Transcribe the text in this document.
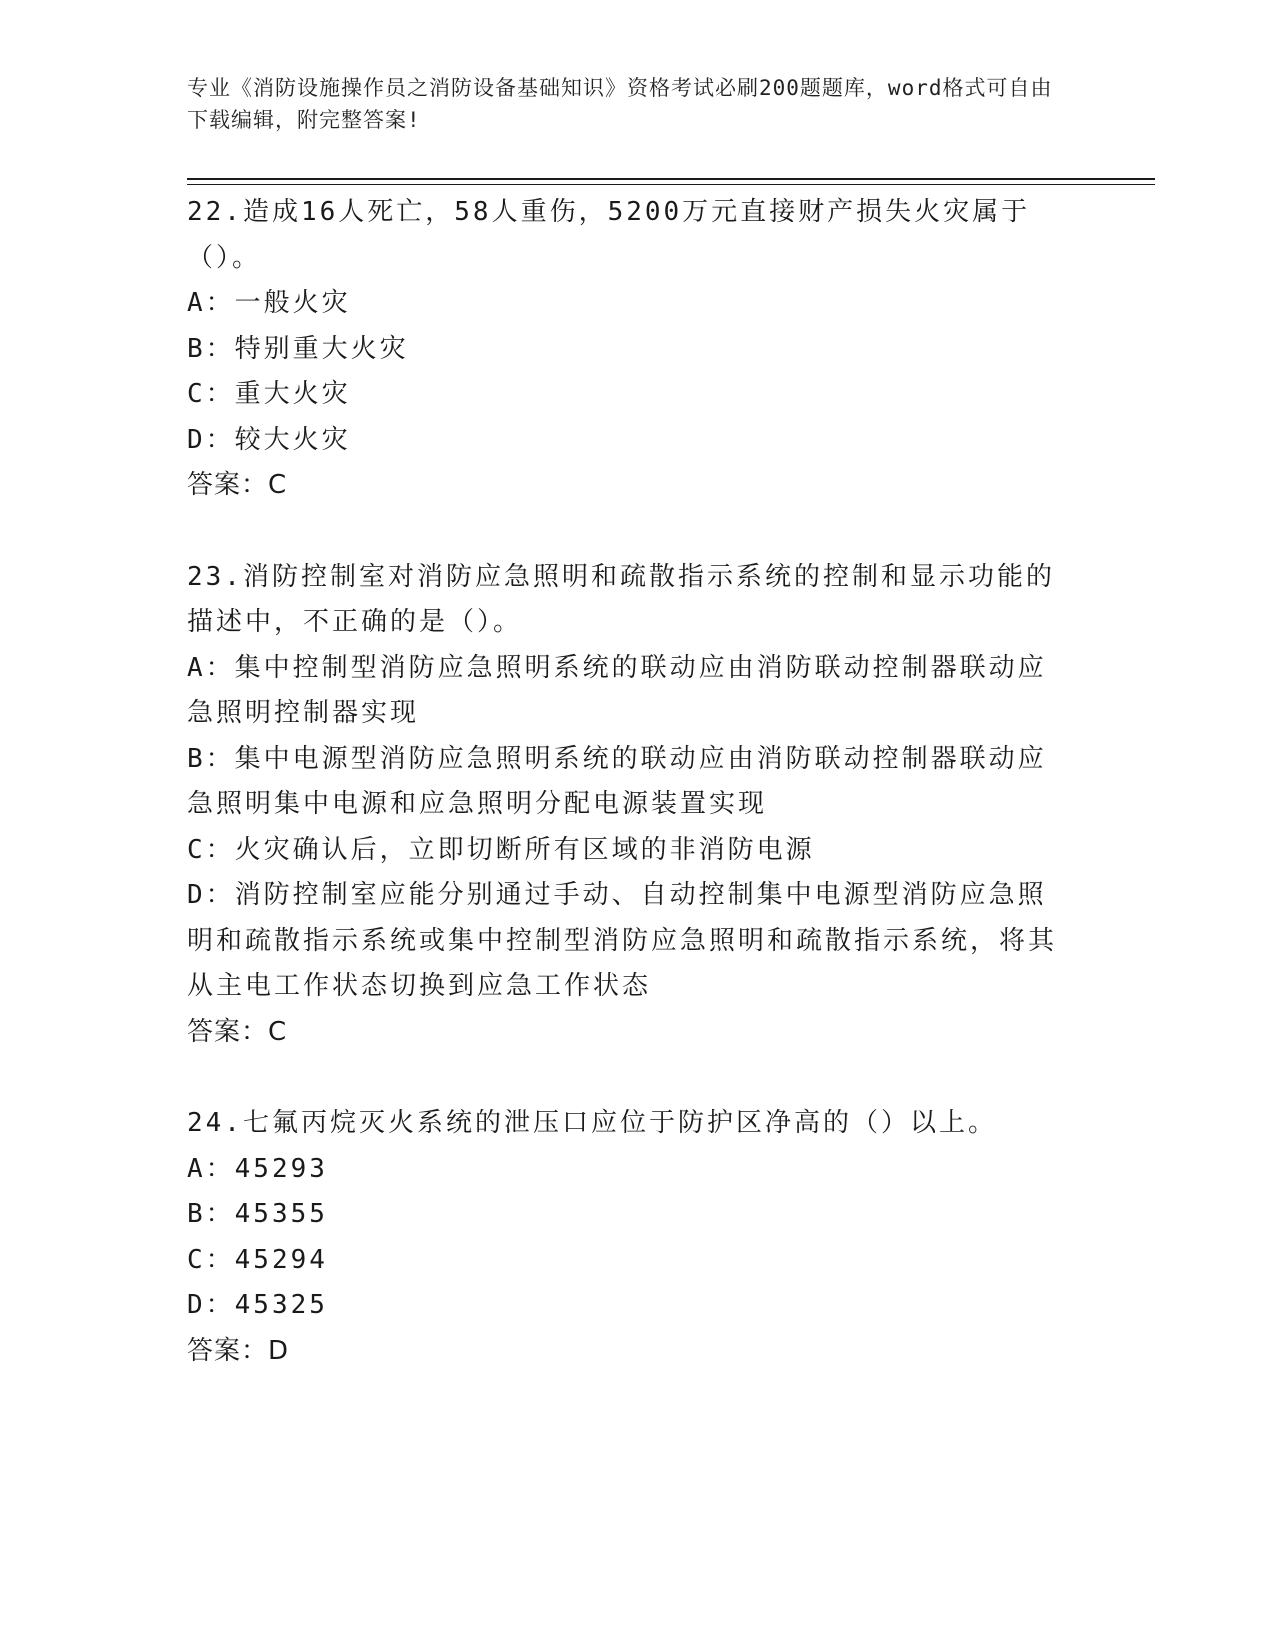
专业《消防设施操作员之消防设备基础知识》资格考试必刷200题题库，word格式可自由下载编辑，附完整答案!
22.造成16人死亡，58人重伤，5200万元直接财产损失火灾属于（）。
A：一般火灾
B：特别重大火灾
C：重大火灾
D：较大火灾
答案：C
23.消防控制室对消防应急照明和疏散指示系统的控制和显示功能的描述中，不正确的是（）。
A：集中控制型消防应急照明系统的联动应由消防联动控制器联动应急照明控制器实现
B：集中电源型消防应急照明系统的联动应由消防联动控制器联动应急照明集中电源和应急照明分配电源装置实现
C：火灾确认后，立即切断所有区域的非消防电源
D：消防控制室应能分别通过手动、自动控制集中电源型消防应急照明和疏散指示系统或集中控制型消防应急照明和疏散指示系统，将其从主电工作状态切换到应急工作状态
答案：C
24.七氟丙烷灭火系统的泄压口应位于防护区净高的（）以上。
A：45293
B：45355
C：45294
D：45325
答案：D
